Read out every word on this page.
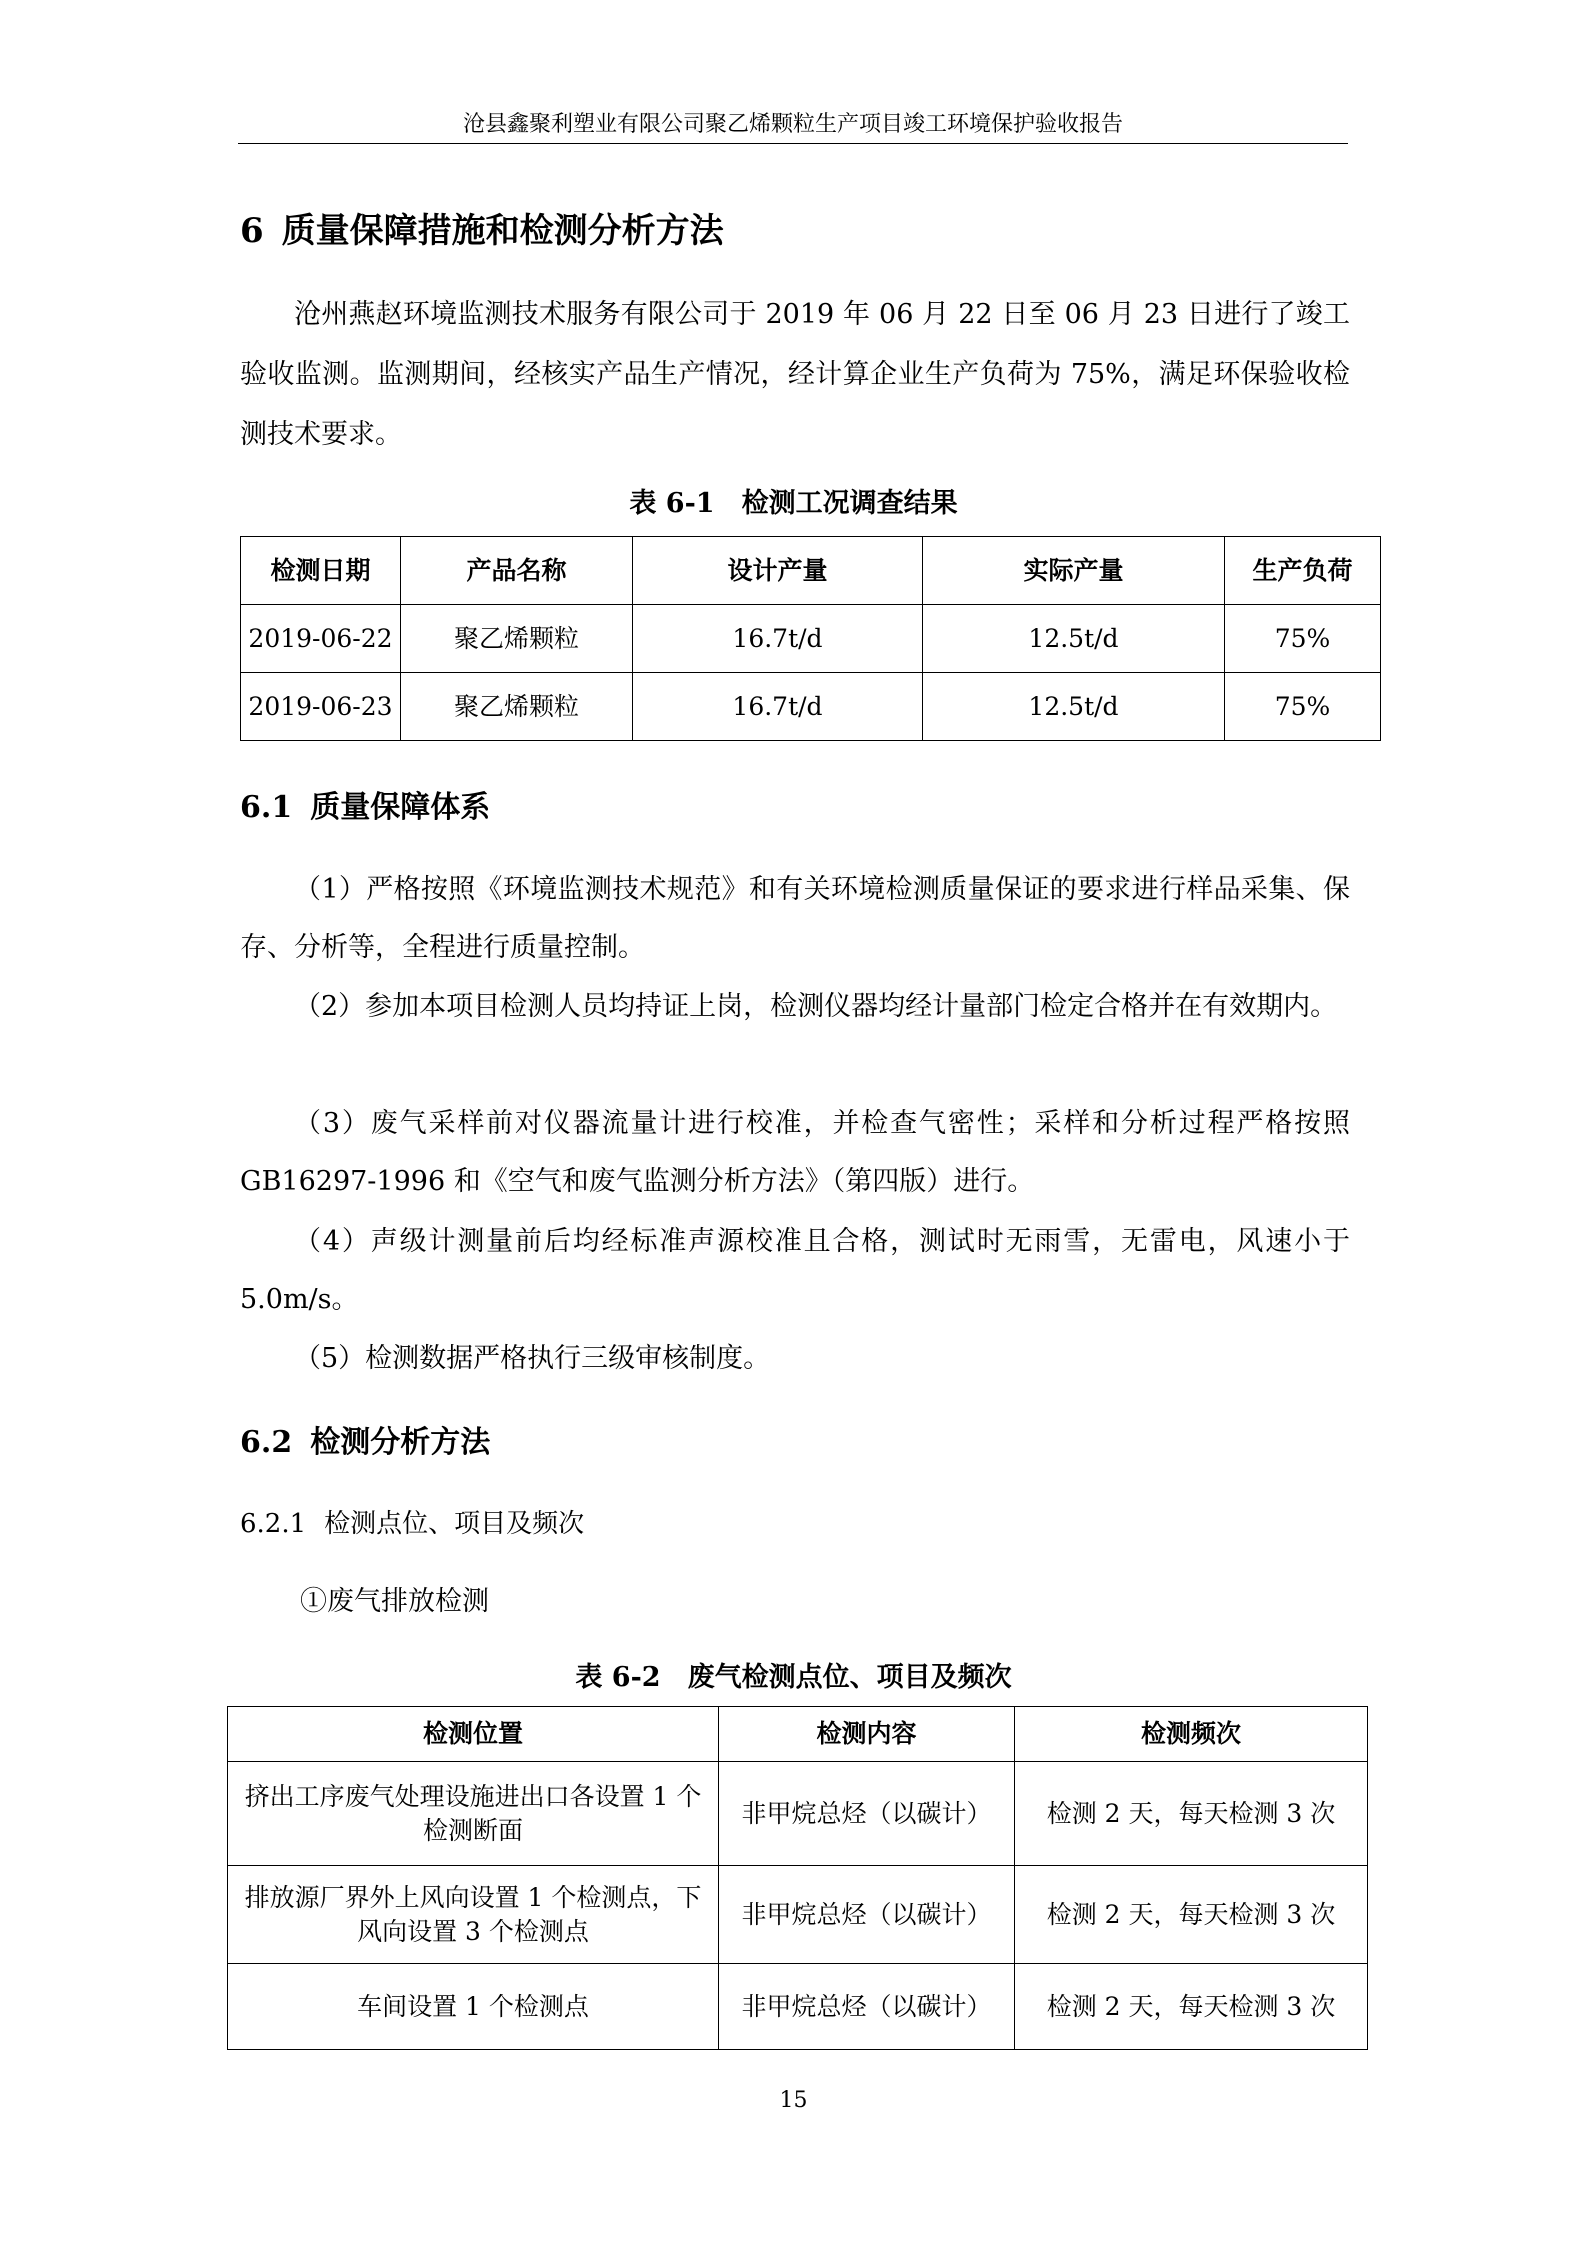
沧县鑫聚利塑业有限公司聚乙烯颗粒生产项目竣工环境保护验收报告
6 质量保障措施和检测分析方法
沧州燕赵环境监测技术服务有限公司于 2019 年 06 月 22 日至 06 月 23 日进行了竣工验收监测。监测期间，经核实产品生产情况，经计算企业生产负荷为 75%，满足环保验收检测技术要求。
表 6-1　检测工况调查结果
检测日期	产品名称	设计产量	实际产量	生产负荷
2019-06-22	聚乙烯颗粒	16.7t/d	12.5t/d	75%
2019-06-23	聚乙烯颗粒	16.7t/d	12.5t/d	75%
6.1 质量保障体系
（1）严格按照《环境监测技术规范》和有关环境检测质量保证的要求进行样品采集、保存、分析等，全程进行质量控制。
（2）参加本项目检测人员均持证上岗，检测仪器均经计量部门检定合格并在有效期内。
（3）废气采样前对仪器流量计进行校准，并检查气密性；采样和分析过程严格按照 GB16297-1996 和《空气和废气监测分析方法》（第四版）进行。
（4）声级计测量前后均经标准声源校准且合格，测试时无雨雪，无雷电，风速小于 5.0m/s。
（5）检测数据严格执行三级审核制度。
6.2 检测分析方法
6.2.1 检测点位、项目及频次
①废气排放检测
表 6-2　废气检测点位、项目及频次
检测位置	检测内容	检测频次
挤出工序废气处理设施进出口各设置 1 个检测断面	非甲烷总烃（以碳计）	检测 2 天，每天检测 3 次
排放源厂界外上风向设置 1 个检测点，下风向设置 3 个检测点	非甲烷总烃（以碳计）	检测 2 天，每天检测 3 次
车间设置 1 个检测点	非甲烷总烃（以碳计）	检测 2 天，每天检测 3 次
15
